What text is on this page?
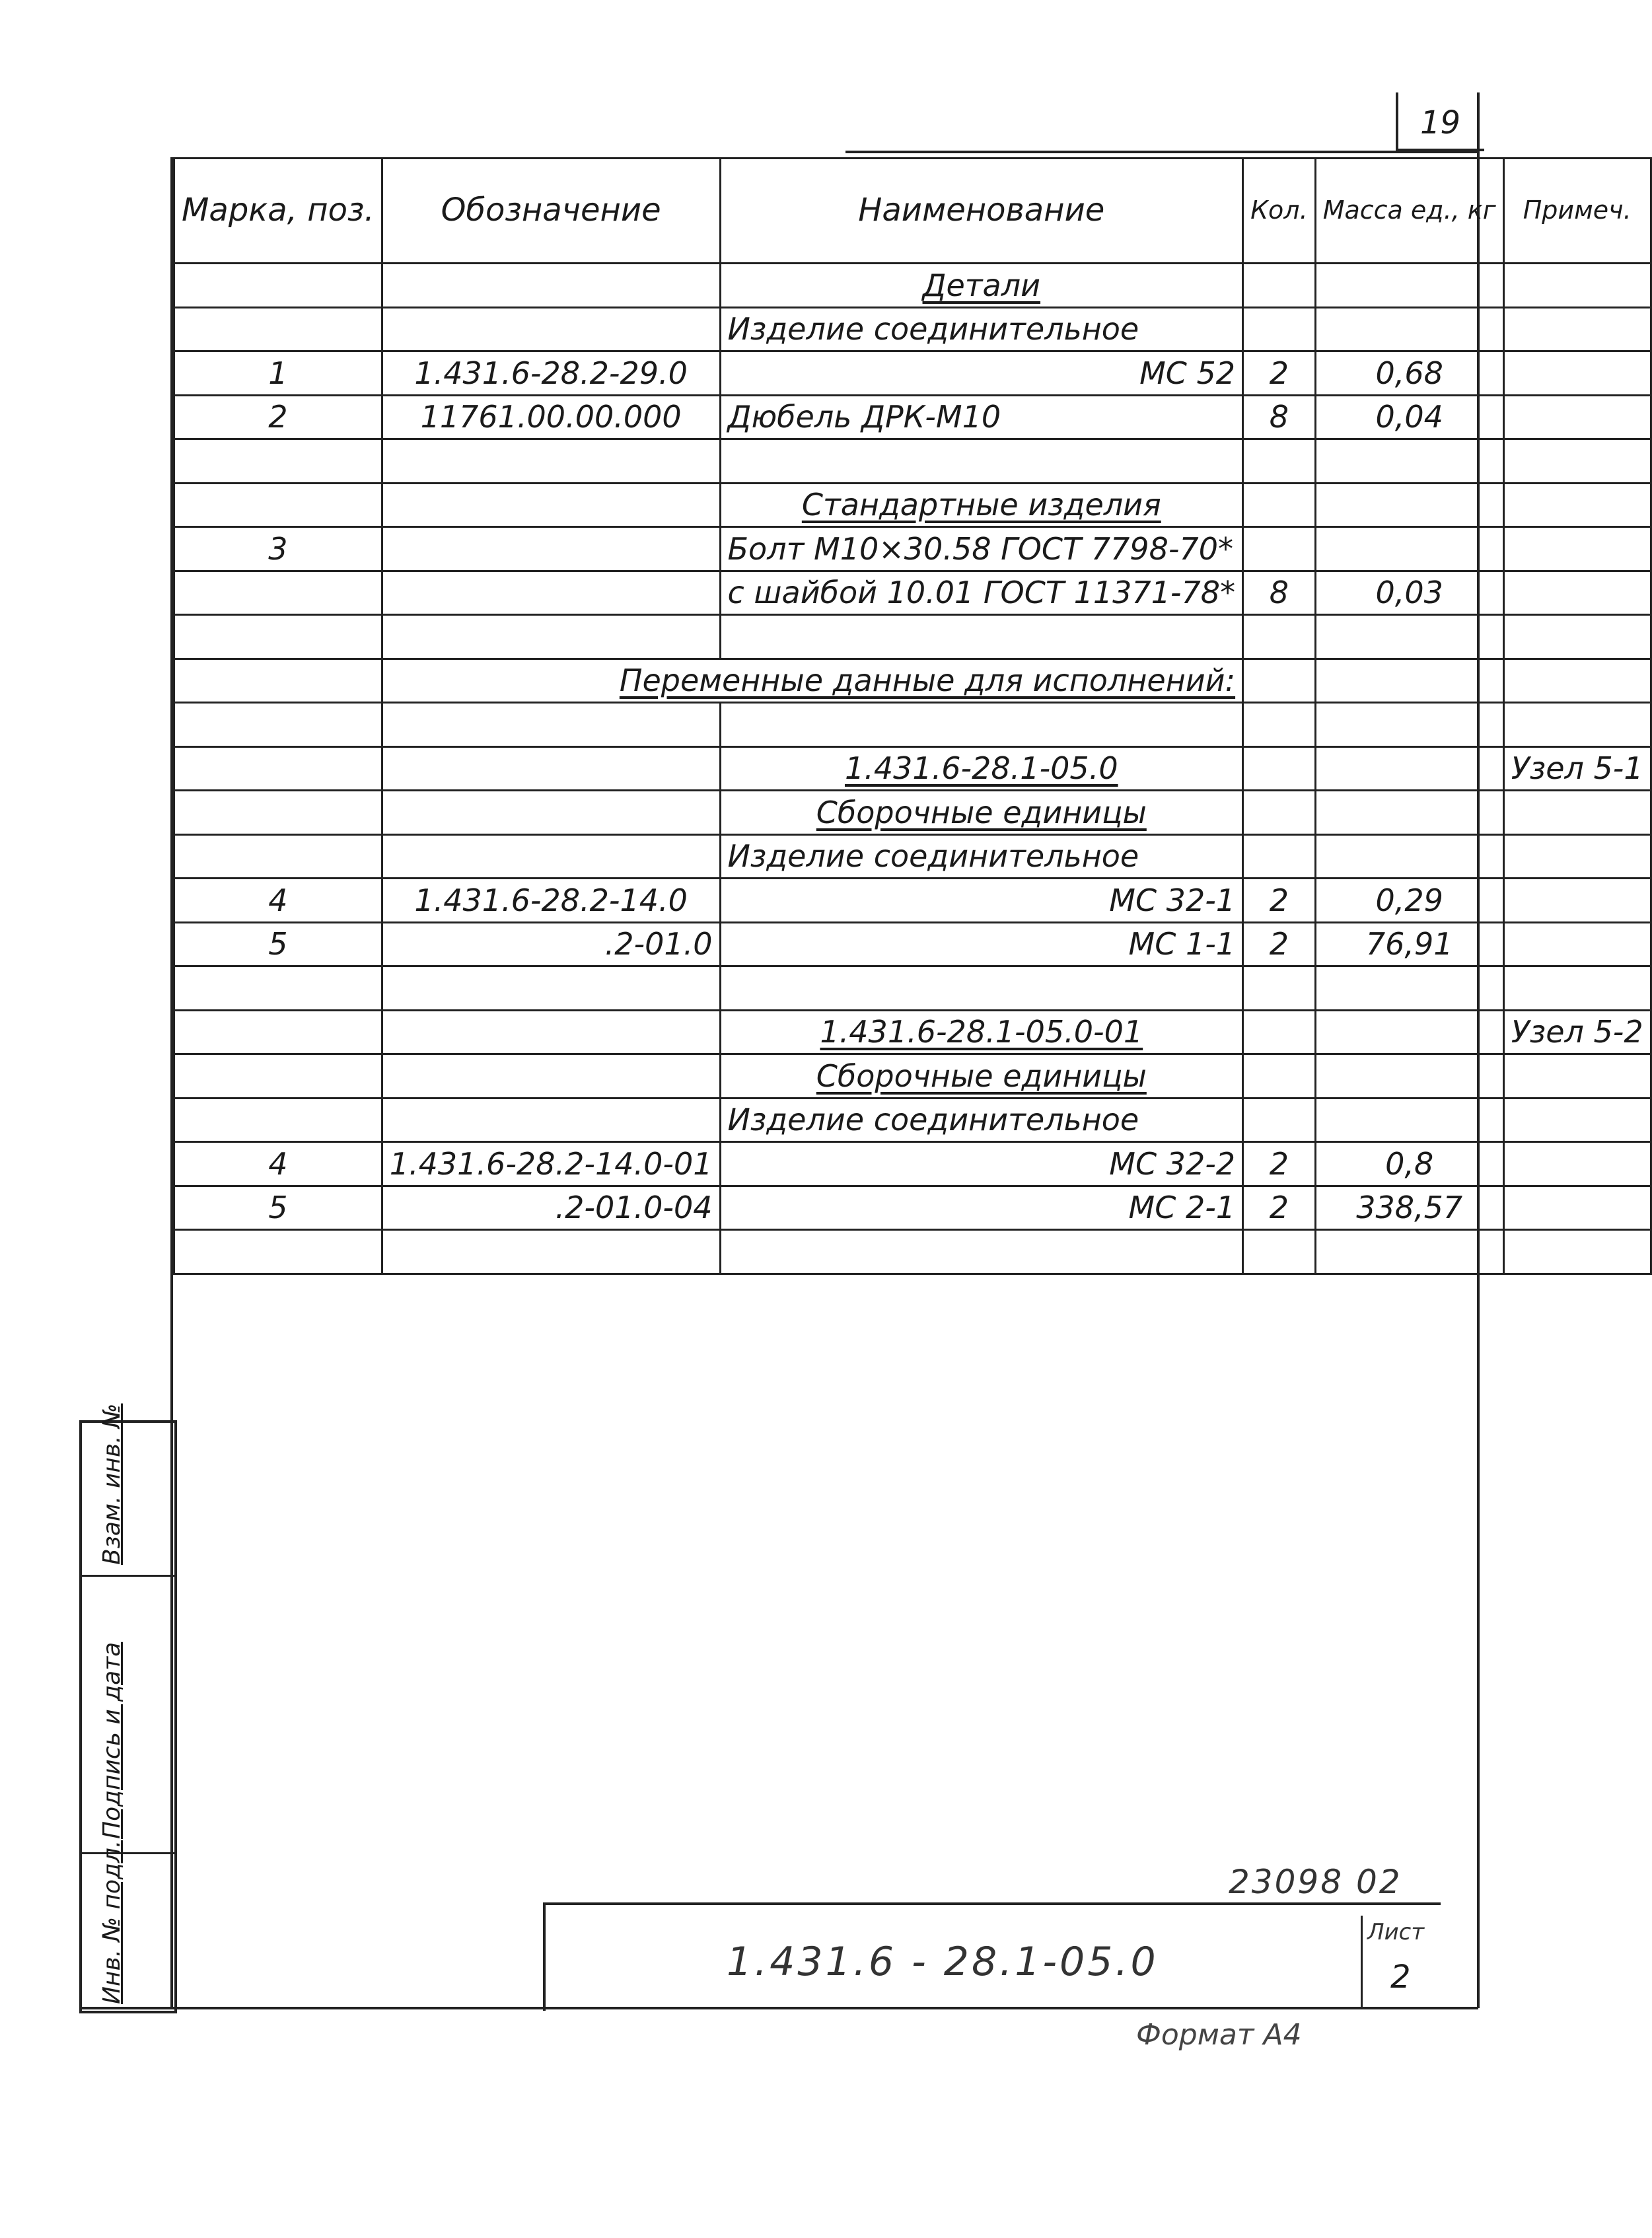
19
Марка, поз.	Обозначение	Наименование	Кол.	Масса ед., кг	Примеч.
		Детали			
		Изделие соединительное			
1	1.431.6-28.2-29.0	МС 52	2	0,68	
2	11761.00.00.000	Дюбель ДРК-М10	8	0,04	

		Стандартные изделия			
3		Болт М10×30.58 ГОСТ 7798-70*			
		с шайбой 10.01 ГОСТ 11371-78*	8	0,03	

	Переменные данные для исполнений:				

		1.431.6-28.1-05.0			Узел 5-1
		Сборочные единицы			
		Изделие соединительное			
4	1.431.6-28.2-14.0	МС 32-1	2	0,29	
5	.2-01.0	МС 1-1	2	76,91	

		1.431.6-28.1-05.0-01			Узел 5-2
		Сборочные единицы			
		Изделие соединительное			
4	1.431.6-28.2-14.0-01	МС 32-2	2	0,8	
5	.2-01.0-04	МС 2-1	2	338,57	

Взам. инв. №
Подпись и дата
Инв. № подл.	23098 02
1.431.6 - 28.1-05.0
Лист
2
Формат А4
